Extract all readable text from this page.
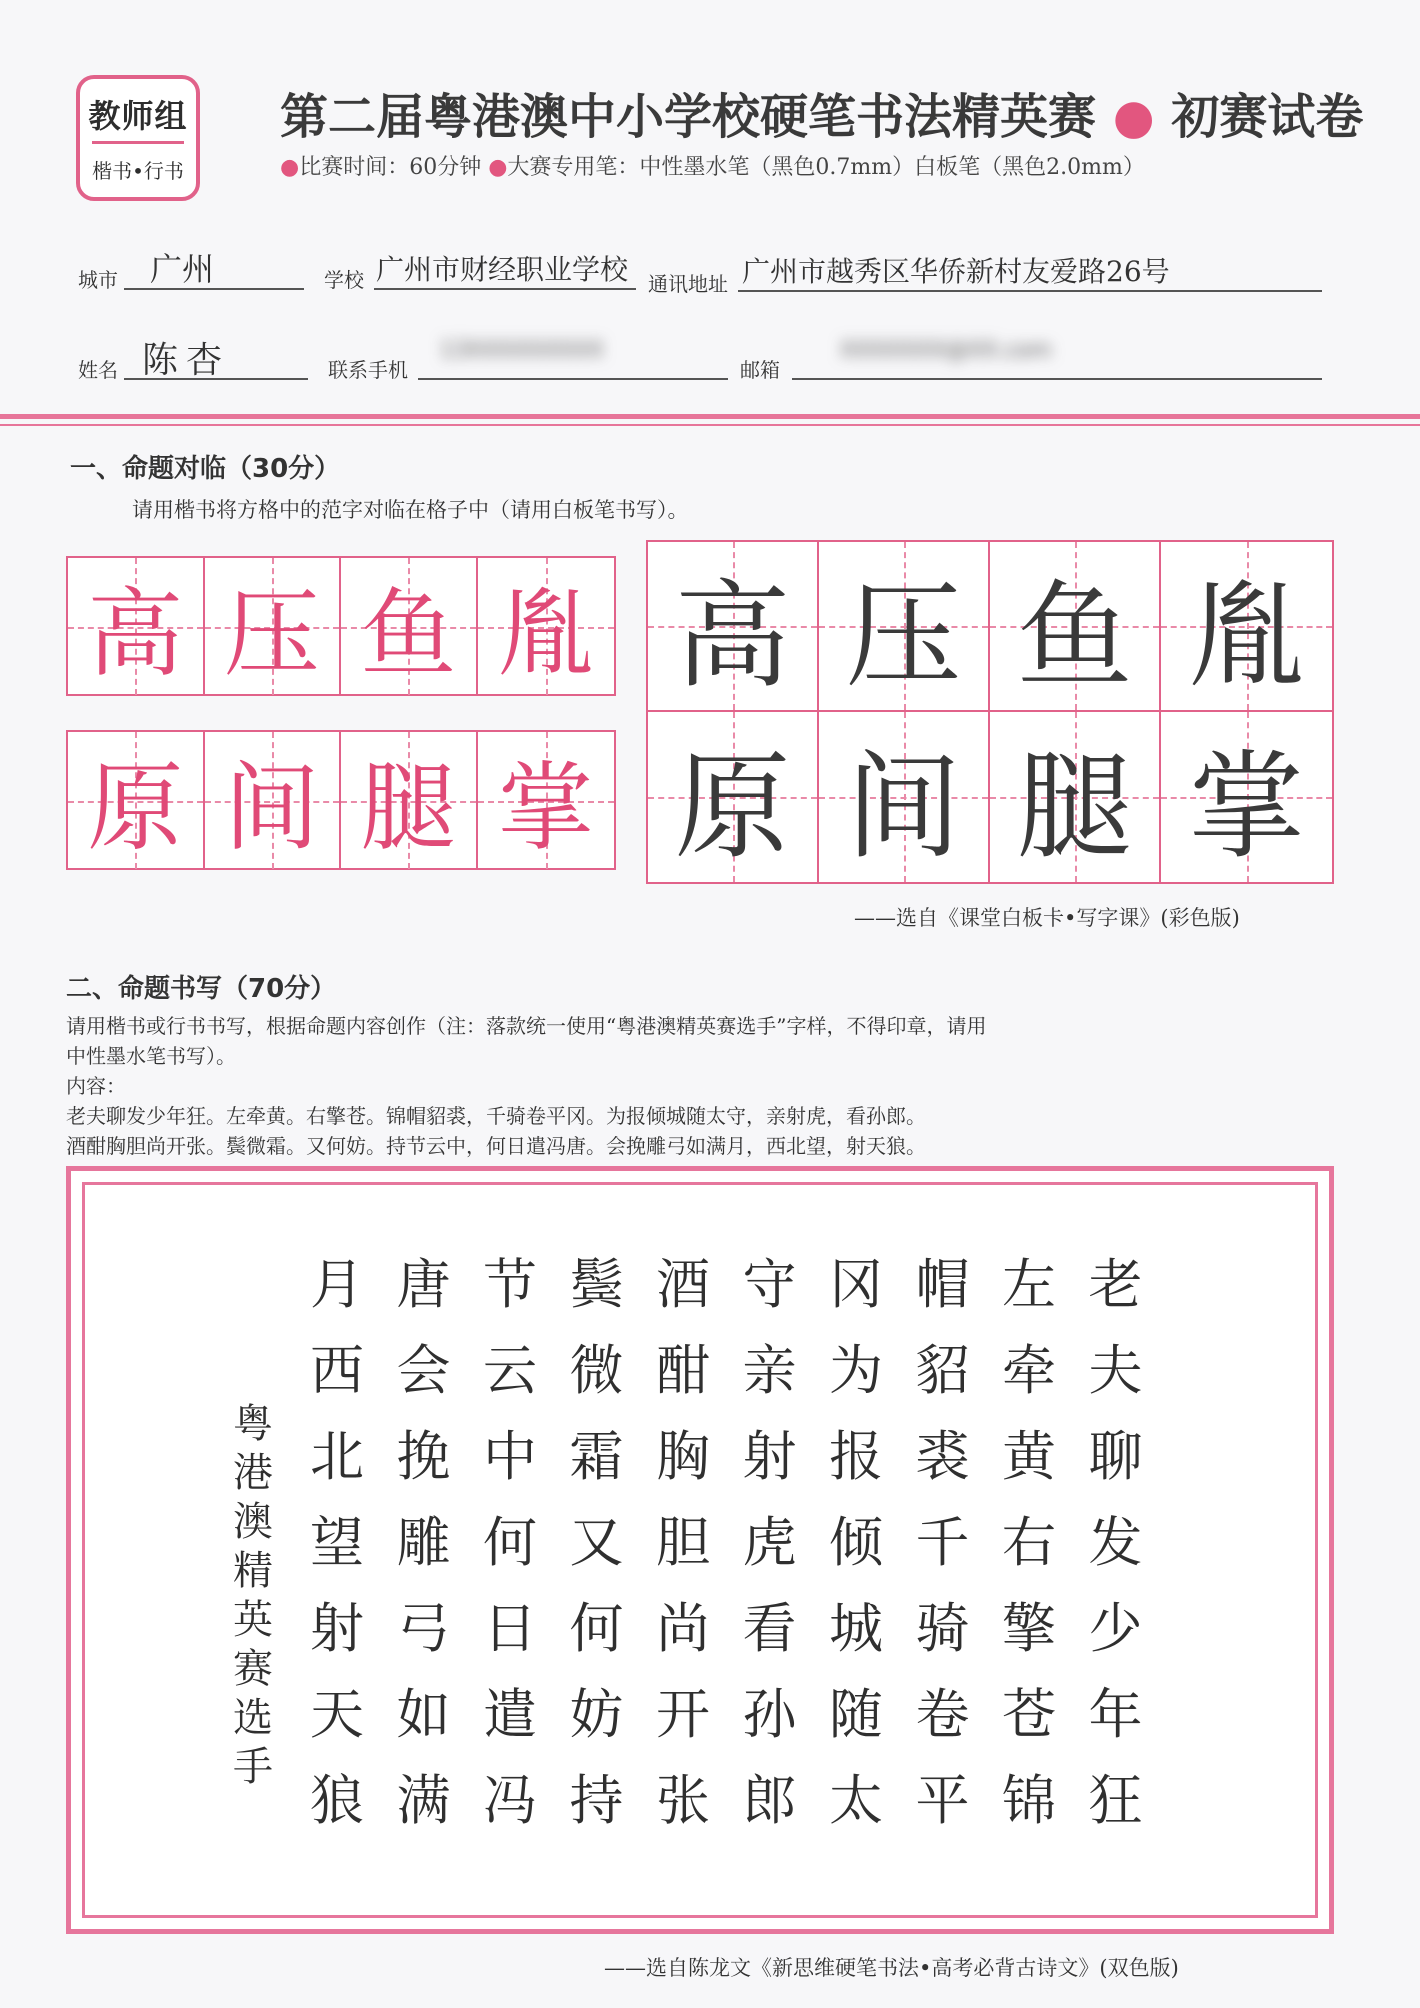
教师组
楷书•行书
第二届粤港澳中小学校硬笔书法精英赛 ● 初赛试卷
●比赛时间：60分钟 ●大赛专用笔：中性墨水笔（黑色0.7mm）白板笔（黑色2.0mm）
城市 广州	学校 广州市财经职业学校 通讯地址 广州市越秀区华侨新村友爱路26号
姓名 陈杏	联系手机
13XXXXXXXXX
邮箱
XXXXXXX@XX.com
一、命题对临（30分）
请用楷书将方格中的范字对临在格子中（请用白板笔书写）。
高 压 鱼 胤
原 间 腿 掌
高 压 鱼 胤
原 间 腿 掌
——选自《课堂白板卡•写字课》(彩色版)
二、命题书写（70分）
请用楷书或行书书写，根据命题内容创作（注：落款统一使用“粤港澳精英赛选手”字样，不得印章，请用
中性墨水笔书写）。
内容：
老夫聊发少年狂。左牵黄。右擎苍。锦帽貂裘，千骑卷平冈。为报倾城随太守，亲射虎，看孙郎。
酒酣胸胆尚开张。鬓微霜。又何妨。持节云中，何日遣冯唐。会挽雕弓如满月，西北望，射天狼。
月
西
北
望
射
天
狼
唐
会
挽
雕
弓
如
满
节
云
中
何
日
遣
冯
鬓
微
霜
又
何
妨
持
酒
酣
胸
胆
尚
开
张
守
亲
射
虎
看
孙
郎
冈
为
报
倾
城
随
太
帽
貂
裘
千
骑
卷
平
左
牵
黄
右
擎
苍
锦
老
夫
聊
发
少
年
狂
粤
港
澳
精
英
赛
选
手
——选自陈龙文《新思维硬笔书法•高考必背古诗文》(双色版)
